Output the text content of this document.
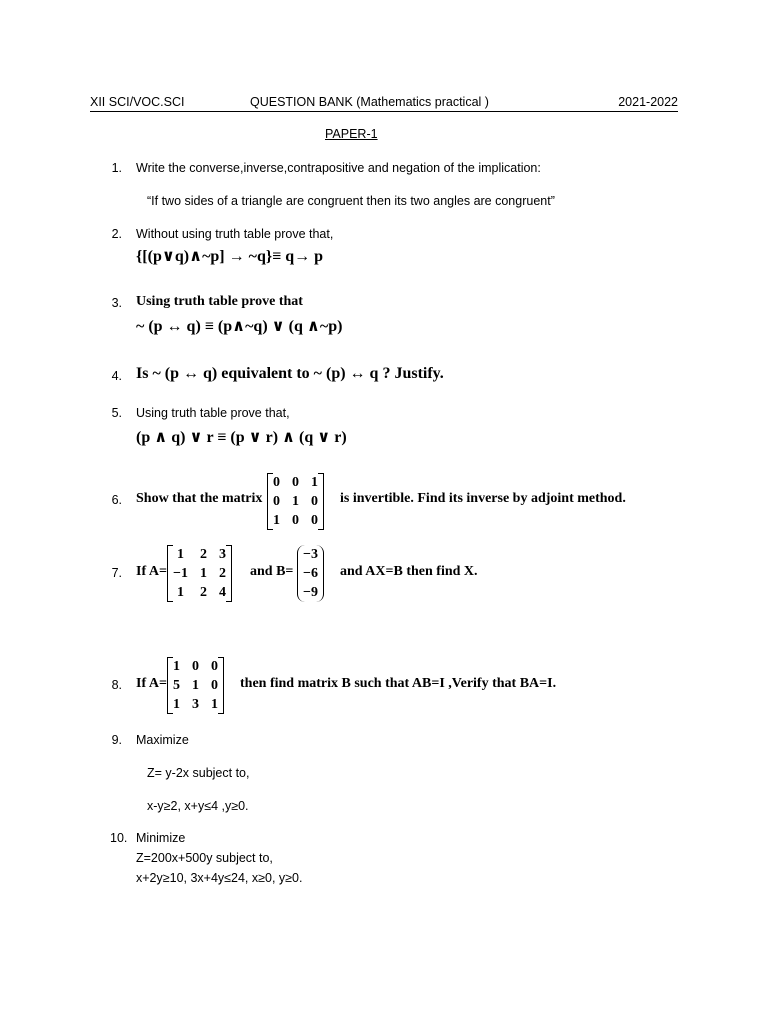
XII SCI/VOC.SCI	QUESTION BANK (Mathematics practical )	2021-2022
PAPER-1
1. Write the converse,inverse,contrapositive and negation of the implication:
“If two sides of a triangle are congruent then its two angles are congruent”
2. Without using truth table prove that,
{[(p∨q)∧~p] → ~q}≡ q→ p
3. Using truth table prove that
~ (p ↔ q) ≡ (p∧~q) ∨ (q ∧~p)
4. Is ~ (p ↔ q) equivalent to ~ (p) ↔ q ? Justify.
5. Using truth table prove that,
(p ∧ q) ∨ r ≡ (p ∨ r) ∧ (q ∨ r)
6. Show that the matrix
0	0	1
0	1	0
1	0	0
is invertible. Find its inverse by adjoint method.
7. If A=
1	2	3
−1	1	2
1	2	4
and B=
−3
−6
−9
and AX=B then find X.
8. If A=
1	0	0
5	1	0
1	3	1
then find matrix B such that AB=I ,Verify that BA=I.
9. Maximize
Z= y-2x subject to,
x-y≥2, x+y≤4 ,y≥0.
10. Minimize
Z=200x+500y subject to,
x+2y≥10, 3x+4y≤24, x≥0, y≥0.
